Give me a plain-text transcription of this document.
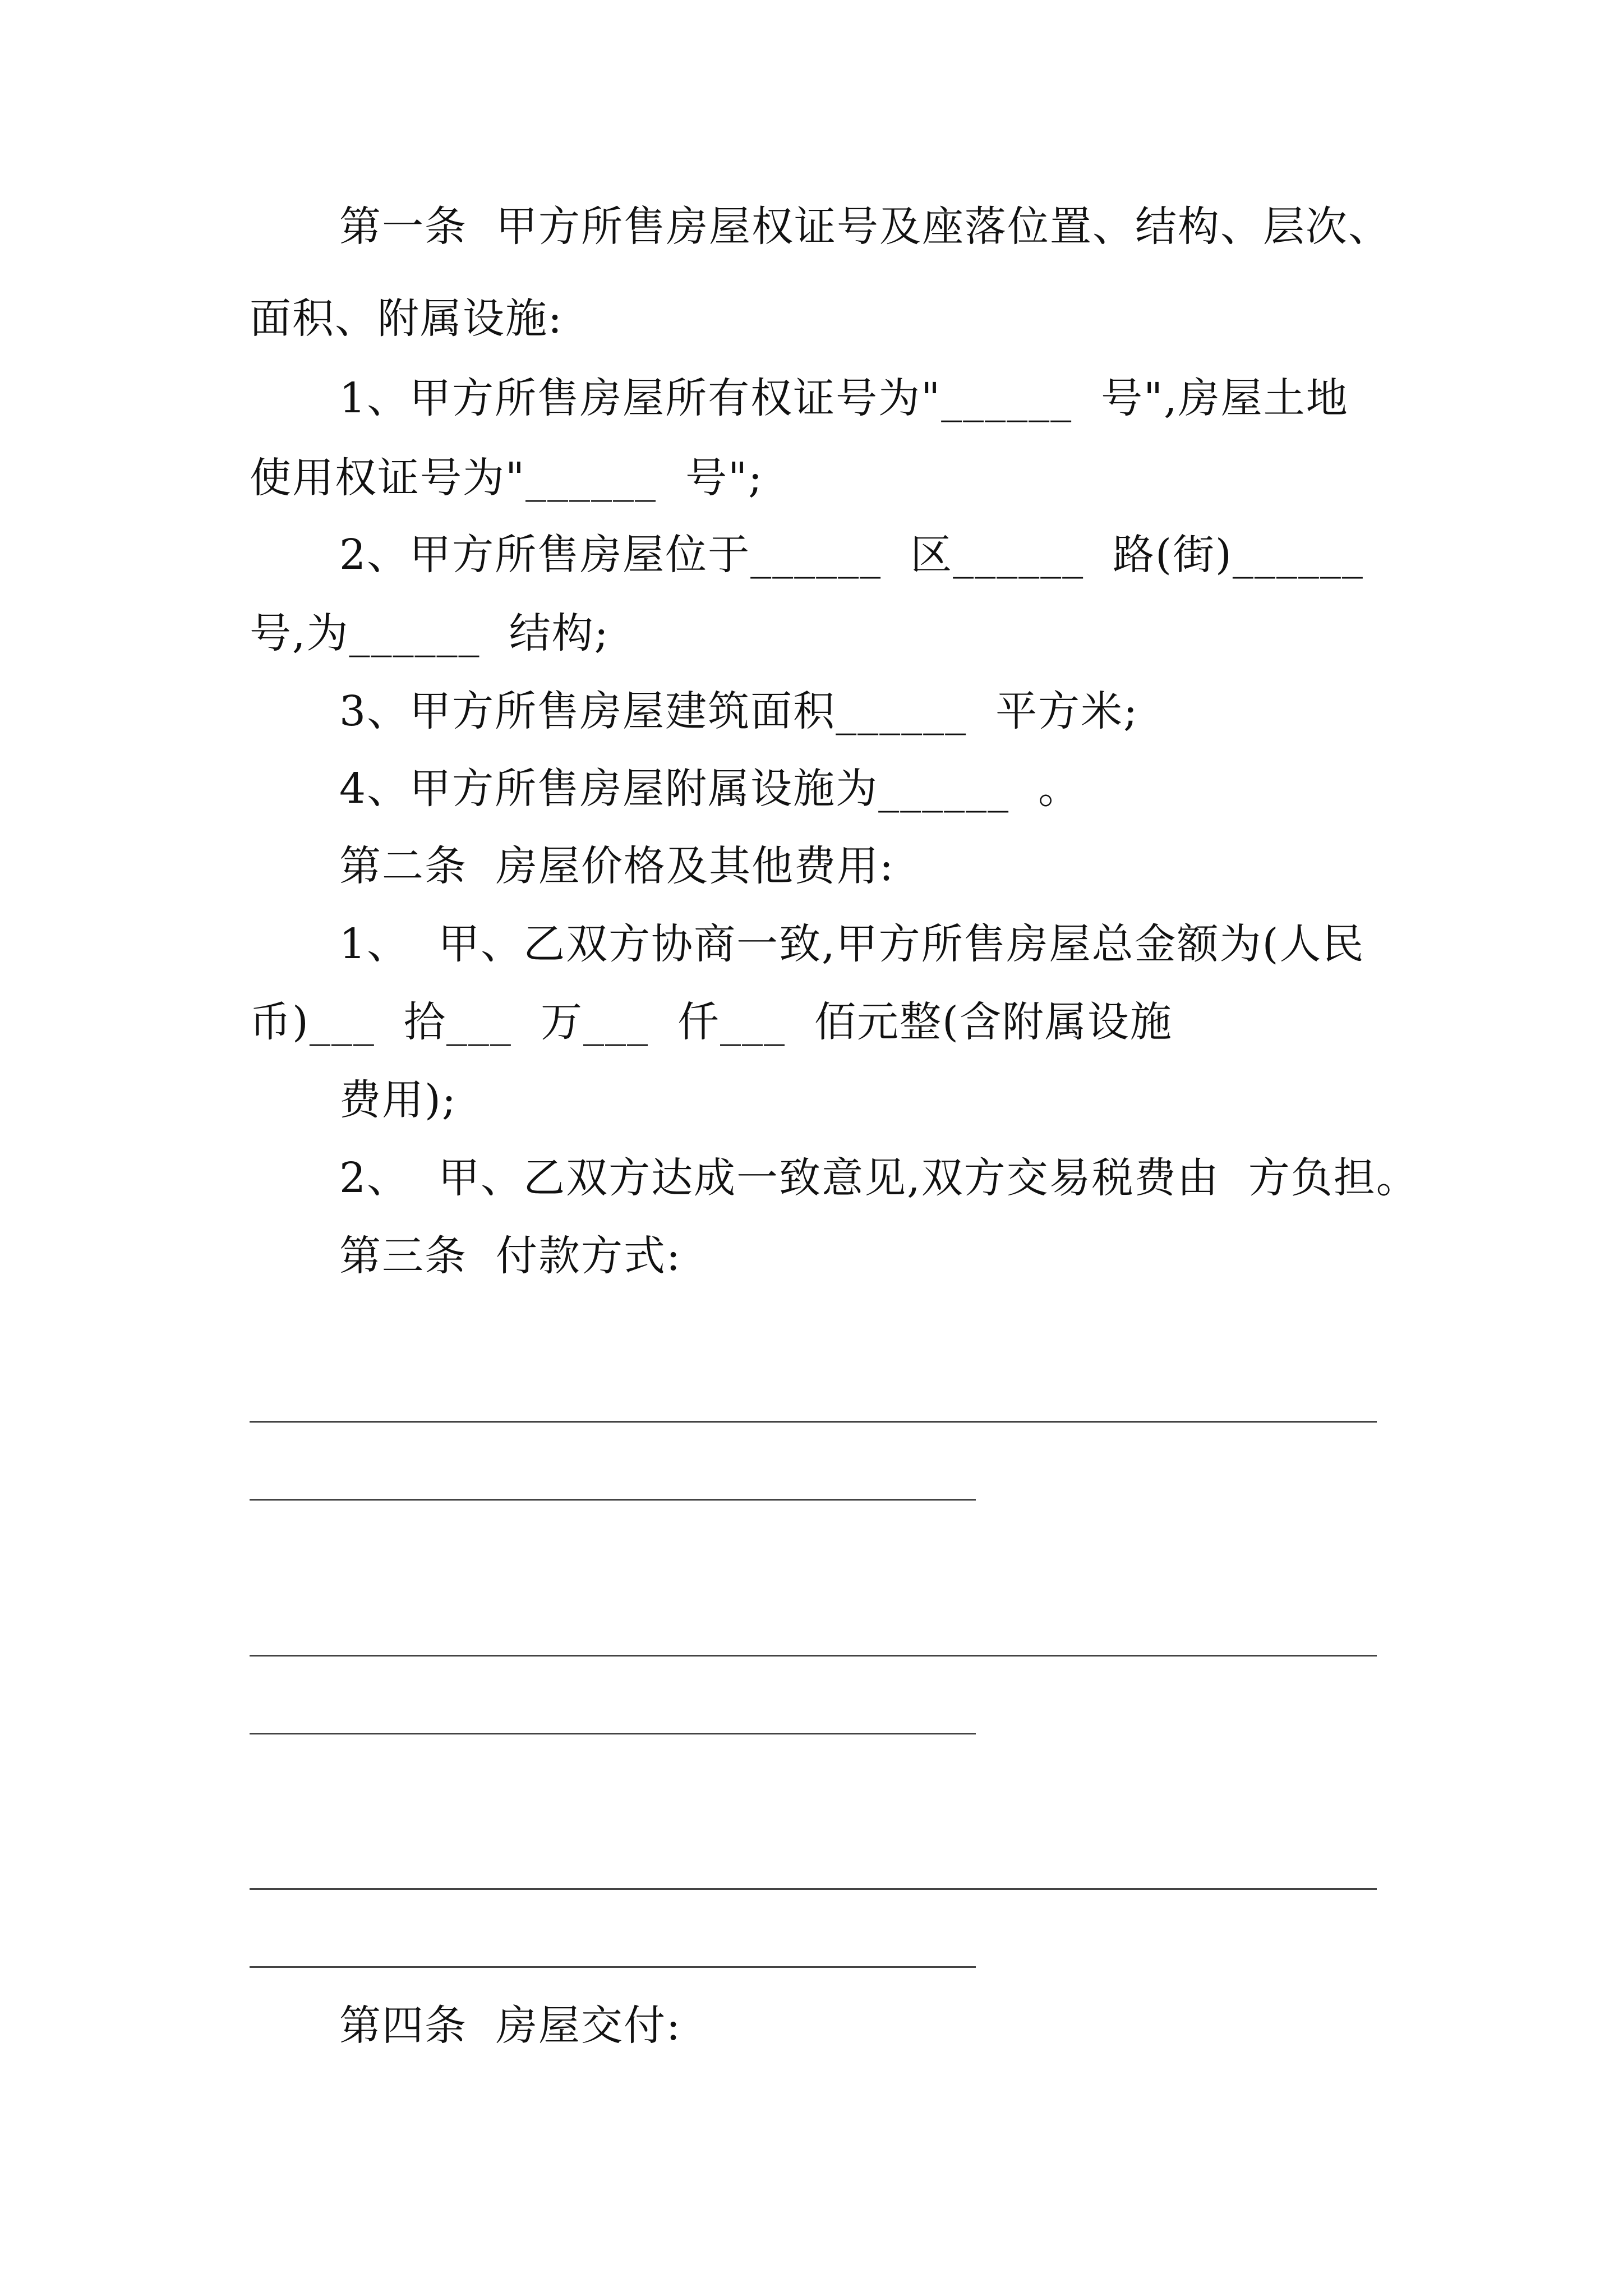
第一条  甲方所售房屋权证号及座落位置、结构、层次、
面积、附属设施:
1、甲方所售房屋所有权证号为"______  号",房屋土地
使用权证号为"______  号";
2、甲方所售房屋位于______  区______  路(街)______
号,为______  结构;
3、甲方所售房屋建筑面积______  平方米;
4、甲方所售房屋附属设施为______  。
第二条  房屋价格及其他费用:
1、  甲、乙双方协商一致,甲方所售房屋总金额为(人民
币)___  拾___  万___  仟___  佰元整(含附属设施
费用);
2、  甲、乙双方达成一致意见,双方交易税费由  方负担。
第三条  付款方式:
第四条  房屋交付:
